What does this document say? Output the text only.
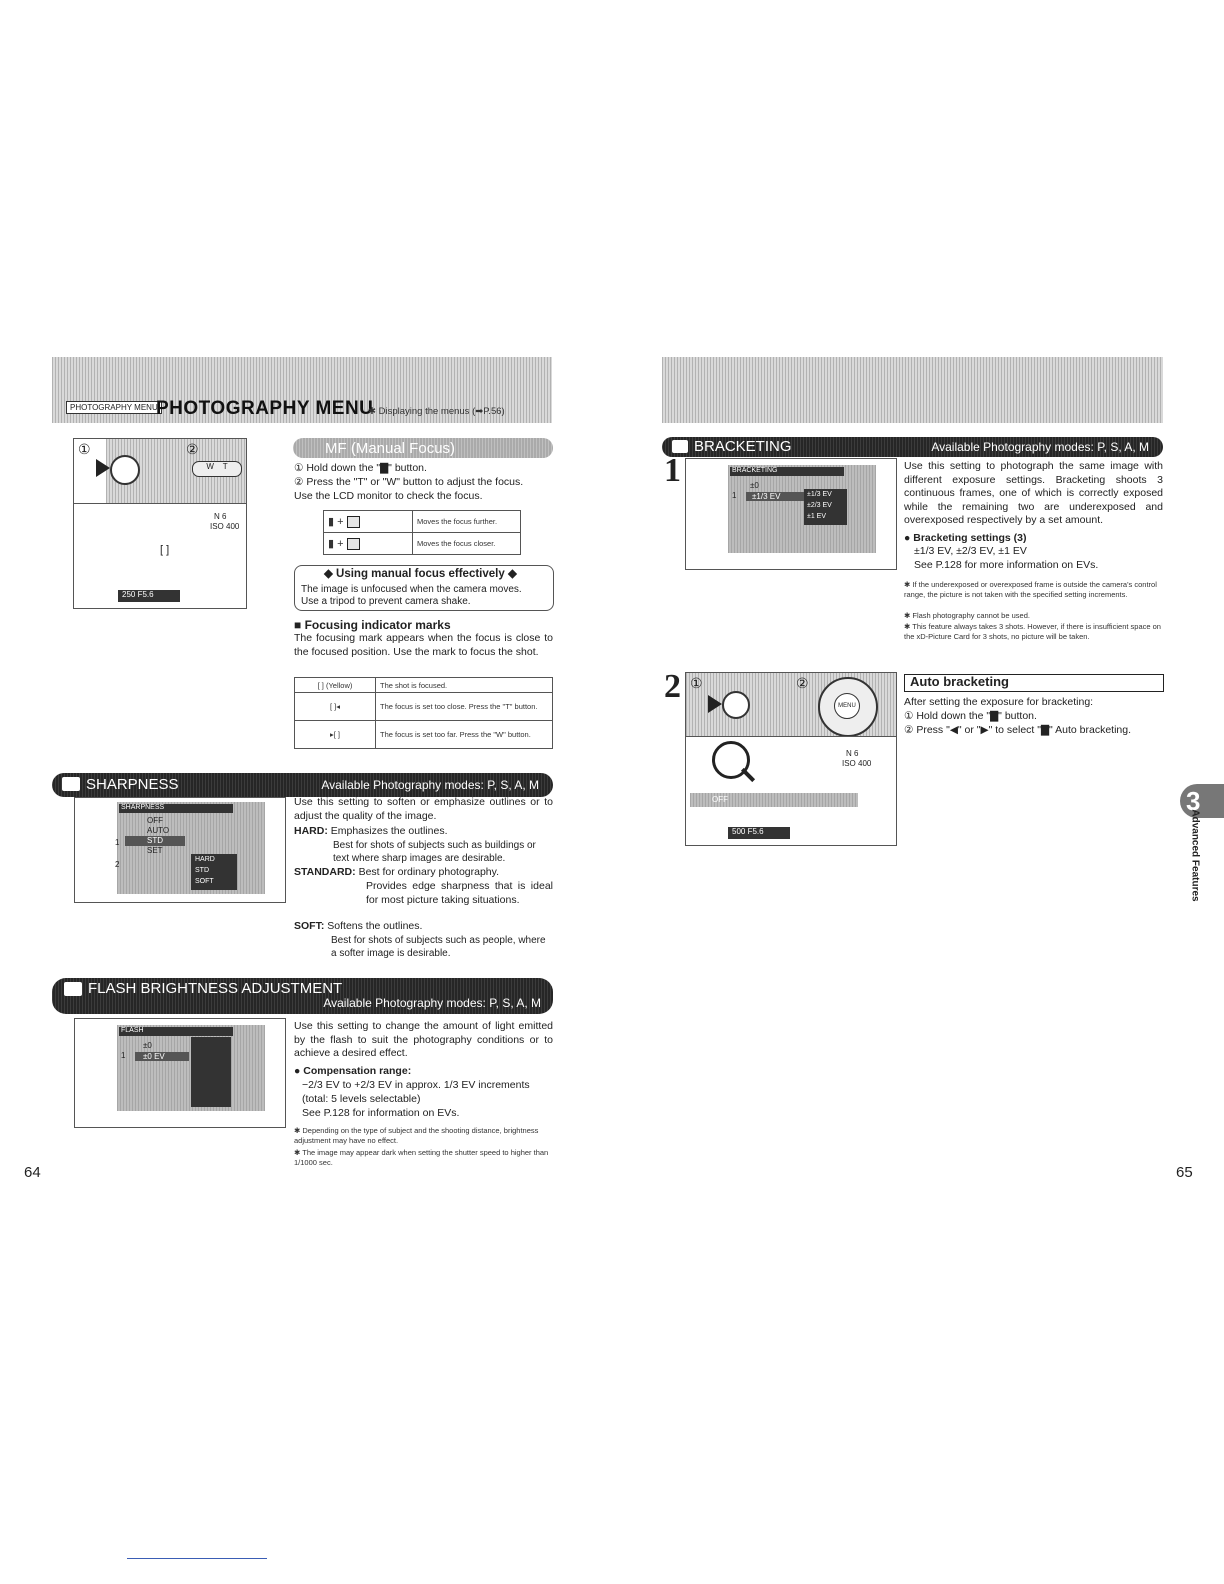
PHOTOGRAPHY MENU
PHOTOGRAPHY MENU
✱ Displaying the menus (➡P.56)
①	②
W    T
N 6
ISO 400
[ ]
250 F5.6
MF (Manual Focus)
① Hold down the "▇" button.
② Press the "T" or "W" button to adjust the focus.
Use the LCD monitor to check the focus.
▮ +	Moves the focus further.
▮ +	Moves the focus closer.
◆ Using manual focus effectively ◆
The image is unfocused when the camera moves.
Use a tripod to prevent camera shake.
■ Focusing indicator marks
The focusing mark appears when the focus is close to the focused position. Use the mark to focus the shot.
[ ] (Yellow)	The shot is focused.
[ ]◂	The focus is set too close. Press the "T" button.
▸[ ]	The focus is set too far. Press the "W" button.
SHARPNESS	Available Photography modes: P, S, A, M
SHARPNESS
OFF
AUTO
STD
SET
1
2
HARD
STD
SOFT
Use this setting to soften or emphasize outlines or to adjust the quality of the image.
HARD: Emphasizes the outlines.
Best for shots of subjects such as buildings or text where sharp images are desirable.
STANDARD: Best for ordinary photography.
Provides edge sharpness that is ideal for most picture taking situations.
SOFT: Softens the outlines.
Best for shots of subjects such as people, where a softer image is desirable.
FLASH BRIGHTNESS ADJUSTMENT
Available Photography modes: P, S, A, M
FLASH
±0
±0 EV
1
Use this setting to change the amount of light emitted by the flash to suit the photography conditions or to achieve a desired effect.
● Compensation range:
−2/3 EV to +2/3 EV in approx. 1/3 EV increments
(total: 5 levels selectable)
See P.128 for information on EVs.
✱ Depending on the type of subject and the shooting distance, brightness adjustment may have no effect.
✱ The image may appear dark when setting the shutter speed to higher than 1/1000 sec.
64
BRACKETING	Available Photography modes: P, S, A, M
1	BRACKETING
±0
±1/3 EV
1	±1/3 EV
±2/3 EV
±1 EV
Use this setting to photograph the same image with different exposure settings. Bracketing shoots 3 continuous frames, one of which is correctly exposed while the remaining two are underexposed and overexposed respectively by a set amount.
● Bracketing settings (3)
±1/3 EV, ±2/3 EV, ±1 EV
See P.128 for more information on EVs.
✱ If the underexposed or overexposed frame is outside the camera's control range, the picture is not taken with the specified setting increments.
✱ Flash photography cannot be used.
✱ This feature always takes 3 shots. However, if there is insufficient space on the xD-Picture Card for 3 shots, no picture will be taken.
2 ①	②
MENU
N 6
ISO 400
OFF
500 F5.6
Auto bracketing
After setting the exposure for bracketing:
① Hold down the "▇" button.
② Press "◀" or "▶" to select "▇" Auto bracketing.
3
Advanced Features
65
